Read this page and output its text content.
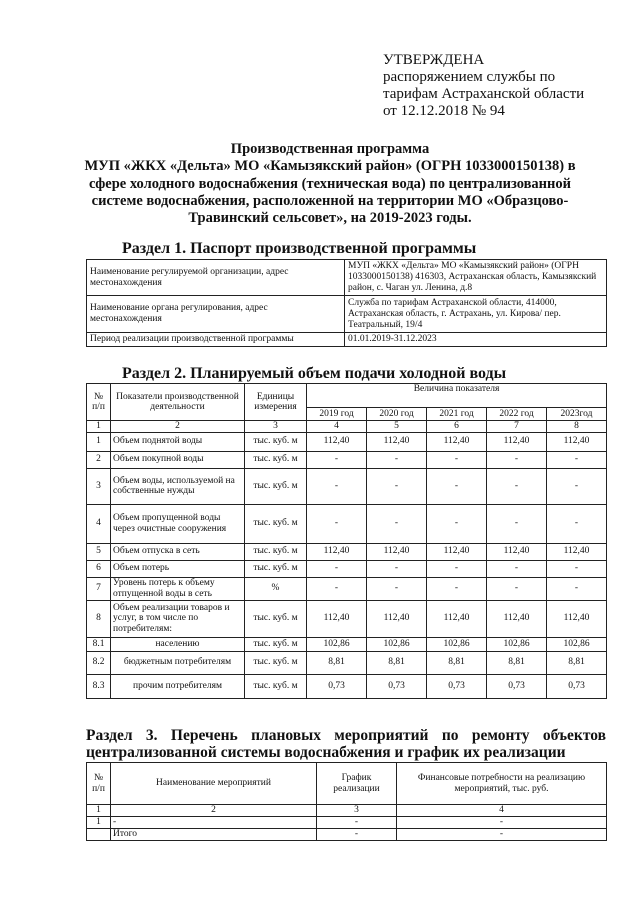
УТВЕРЖДЕНА
распоряжением службы по
тарифам Астраханской области
от 12.12.2018 № 94
Производственная программа
МУП «ЖКХ «Дельта» МО «Камызякский район» (ОГРН 1033000150138) в
сфере холодного водоснабжения (техническая вода) по централизованной
системе водоснабжения, расположенной на территории МО «Образцово-
Травинский сельсовет», на 2019-2023 годы.
Раздел 1. Паспорт производственной программы
Наименование регулируемой организации, адрес местонахождения	МУП «ЖКХ «Дельта» МО «Камызякский район» (ОГРН 1033000150138) 416303, Астраханская область, Камызякский район, с. Чаган ул. Ленина, д.8
Наименование органа регулирования, адрес местонахождения	Служба по тарифам Астраханской области, 414000, Астраханская область, г. Астрахань, ул. Кирова/ пер. Театральный, 19/4
Период реализации производственной программы	01.01.2019-31.12.2023
Раздел 2. Планируемый объем подачи холодной воды
№ п/п	Показатели производственной деятельности	Единицы измерения	Величина показателя				
			2019 год	2020 год	2021 год	2022 год	2023год
1	2	3	4	5	6	7	8
1	Объем поднятой воды	тыс. куб. м	112,40	112,40	112,40	112,40	112,40
2	Объем покупной воды	тыс. куб. м	-	-	-	-	-
3	Объем воды, используемой на собственные нужды	тыс. куб. м	-	-	-	-	-
4	Объем пропущенной воды через очистные сооружения	тыс. куб. м	-	-	-	-	-
5	Объем отпуска в сеть	тыс. куб. м	112,40	112,40	112,40	112,40	112,40
6	Объем потерь	тыс. куб. м	-	-	-	-	-
7	Уровень потерь к объему отпущенной воды в сеть	%	-	-	-	-	-
8	Объем реализации товаров и услуг, в том числе по потребителям:	тыс. куб. м	112,40	112,40	112,40	112,40	112,40
8.1	населению	тыс. куб. м	102,86	102,86	102,86	102,86	102,86
8.2	бюджетным потребителям	тыс. куб. м	8,81	8,81	8,81	8,81	8,81
8.3	прочим потребителям	тыс. куб. м	0,73	0,73	0,73	0,73	0,73
Раздел 3. Перечень плановых мероприятий по ремонту объектов централизованной системы водоснабжения и график их реализации
№ п/п	Наименование мероприятий	График реализации	Финансовые потребности на реализацию мероприятий, тыс. руб.
1	2	3	4
1	-	-	-
	Итого	-	-
